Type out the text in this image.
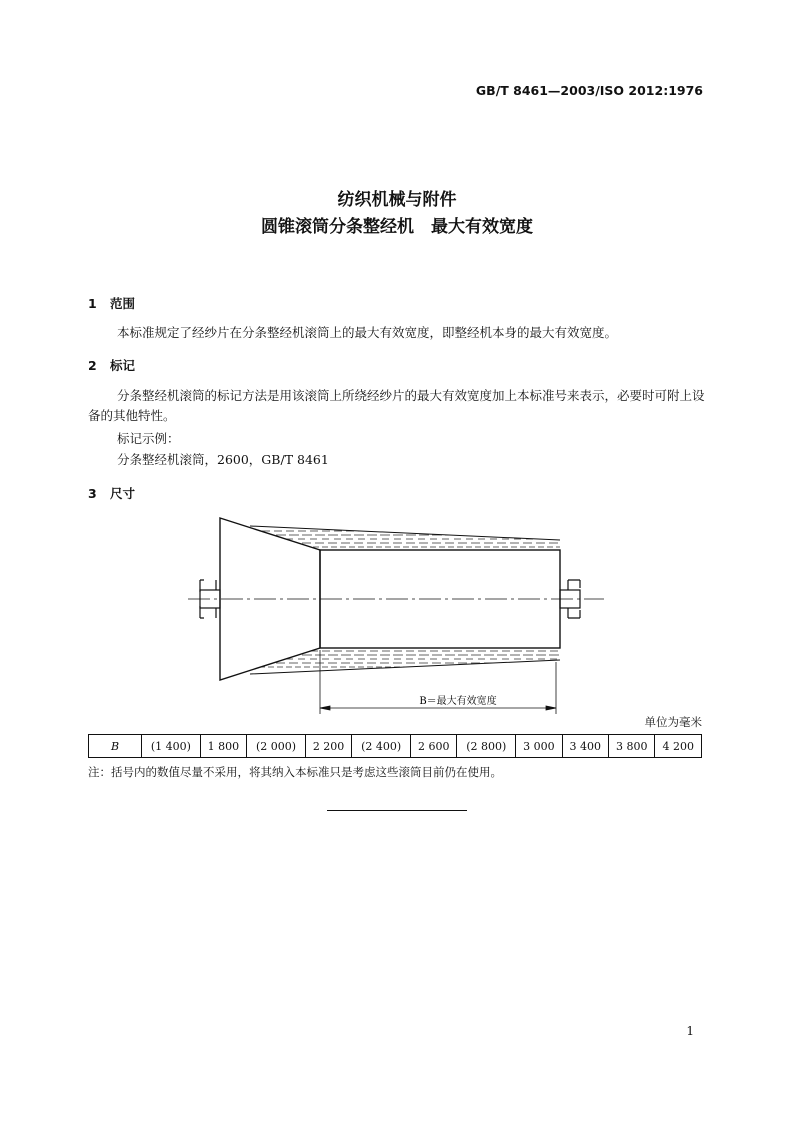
GB/T 8461—2003/ISO 2012:1976
纺织机械与附件
圆锥滚筒分条整经机　最大有效宽度
1 范围
本标准规定了经纱片在分条整经机滚筒上的最大有效宽度，即整经机本身的最大有效宽度。
2 标记
分条整经机滚筒的标记方法是用该滚筒上所绕经纱片的最大有效宽度加上本标准号来表示，必要时可附上设备的其他特性。
标记示例：
分条整经机滚筒，2600，GB/T 8461
3 尺寸
B＝最大有效宽度
单位为毫米
B	(1 400)	1 800	(2 000)	2 200	(2 400)	2 600	(2 800)	3 000	3 400	3 800	4 200
注：括号内的数值尽量不采用，将其纳入本标准只是考虑这些滚筒目前仍在使用。
1
